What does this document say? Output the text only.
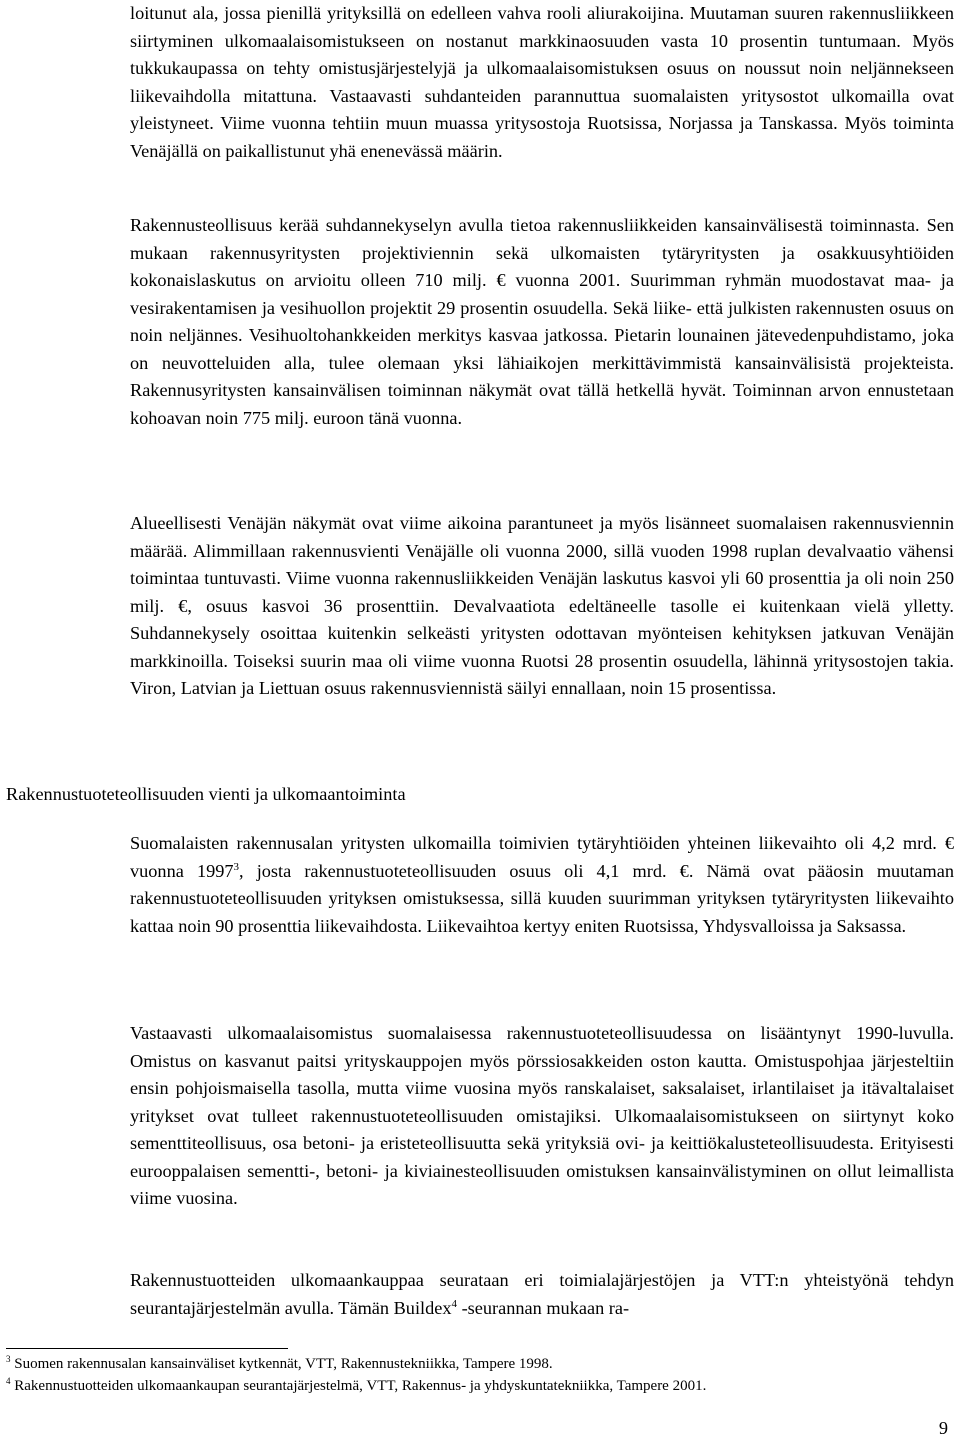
loitunut ala, jossa pienillä yrityksillä on edelleen vahva rooli aliurakoijina. Muutaman suuren rakennusliikkeen siirtyminen ulkomaalaisomistukseen on nostanut markkinaosuuden vasta 10 prosentin tuntumaan. Myös tukkukaupassa on tehty omistusjärjestelyjä ja ulkomaalaisomistuksen osuus on noussut noin neljännekseen liikevaihdolla mitattuna. Vastaavasti suhdanteiden parannuttua suomalaisten yritysostot ulkomailla ovat yleistyneet. Viime vuonna tehtiin muun muassa yritysostoja Ruotsissa, Norjassa ja Tanskassa. Myös toiminta Venäjällä on paikallistunut yhä enenevässä määrin.

Rakennusteollisuus kerää suhdannekyselyn avulla tietoa rakennusliikkeiden kansainvälisestä toiminnasta. Sen mukaan rakennusyritysten projektiviennin sekä ulkomaisten tytäryritysten ja osakkuusyhtiöiden kokonaislaskutus on arvioitu olleen 710 milj. € vuonna 2001. Suurimman ryhmän muodostavat maa- ja vesirakentamisen ja vesihuollon projektit 29 prosentin osuudella. Sekä liike- että julkisten rakennusten osuus on noin neljännes. Vesihuoltohankkeiden merkitys kasvaa jatkossa. Pietarin lounainen jätevedenpuhdistamo, joka on neuvotteluiden alla, tulee olemaan yksi lähiaikojen merkittävimmistä kansainvälisistä projekteista. Rakennusyritysten kansainvälisen toiminnan näkymät ovat tällä hetkellä hyvät. Toiminnan arvon ennustetaan kohoavan noin 775 milj. euroon tänä vuonna.

Alueellisesti Venäjän näkymät ovat viime aikoina parantuneet ja myös lisänneet suomalaisen rakennusviennin määrää. Alimmillaan rakennusvienti Venäjälle oli vuonna 2000, sillä vuoden 1998 ruplan devalvaatio vähensi toimintaa tuntuvasti. Viime vuonna rakennusliikkeiden Venäjän laskutus kasvoi yli 60 prosenttia ja oli noin 250 milj. €, osuus kasvoi 36 prosenttiin. Devalvaatiota edeltäneelle tasolle ei kuitenkaan vielä ylletty. Suhdannekysely osoittaa kuitenkin selkeästi yritysten odottavan myönteisen kehityksen jatkuvan Venäjän markkinoilla. Toiseksi suurin maa oli viime vuonna Ruotsi 28 prosentin osuudella, lähinnä yritysostojen takia. Viron, Latvian ja Liettuan osuus rakennusviennistä säilyi ennallaan, noin 15 prosentissa.

Rakennustuoteteollisuuden vienti ja ulkomaantoiminta

Suomalaisten rakennusalan yritysten ulkomailla toimivien tytäryhtiöiden yhteinen liikevaihto oli 4,2 mrd. € vuonna 1997$^3$, josta rakennustuoteteollisuuden osuus oli 4,1 mrd. €. Nämä ovat pääosin muutaman rakennustuoteteollisuuden yrityksen omistuksessa, sillä kuuden suurimman yrityksen tytäryritysten liikevaihto kattaa noin 90 prosenttia liikevaihdosta. Liikevaihtoa kertyy eniten Ruotsissa, Yhdysvalloissa ja Saksassa.

Vastaavasti ulkomaalaisomistus suomalaisessa rakennustuoteteollisuudessa on lisääntynyt 1990-luvulla. Omistus on kasvanut paitsi yrityskauppojen myös pörssiosakkeiden oston kautta. Omistuspohjaa järjesteltiin ensin pohjoismaisella tasolla, mutta viime vuosina myös ranskalaiset, saksalaiset, irlantilaiset ja itävaltalaiset yritykset ovat tulleet rakennustuoteteollisuuden omistajiksi. Ulkomaalaisomistukseen on siirtynyt koko sementtiteollisuus, osa betoni- ja eristeteollisuutta sekä yrityksiä ovi- ja keittiökalusteteollisuudesta. Erityisesti eurooppalaisen sementti-, betoni- ja kiviainesteollisuuden omistuksen kansainvälistyminen on ollut leimallista viime vuosina.

Rakennustuotteiden ulkomaankauppaa seurataan eri toimialajärjestöjen ja VTT:n yhteistyönä tehdyn seurantajärjestelmän avulla. Tämän Buildex$^4$ -seurannan mukaan ra-

$^3$ Suomen rakennusalan kansainväliset kytkennät, VTT, Rakennustekniikka, Tampere 1998.
$^4$ Rakennustuotteiden ulkomaankaupan seurantajärjestelmä, VTT, Rakennus- ja yhdyskuntatekniikka, Tampere 2001.
9
